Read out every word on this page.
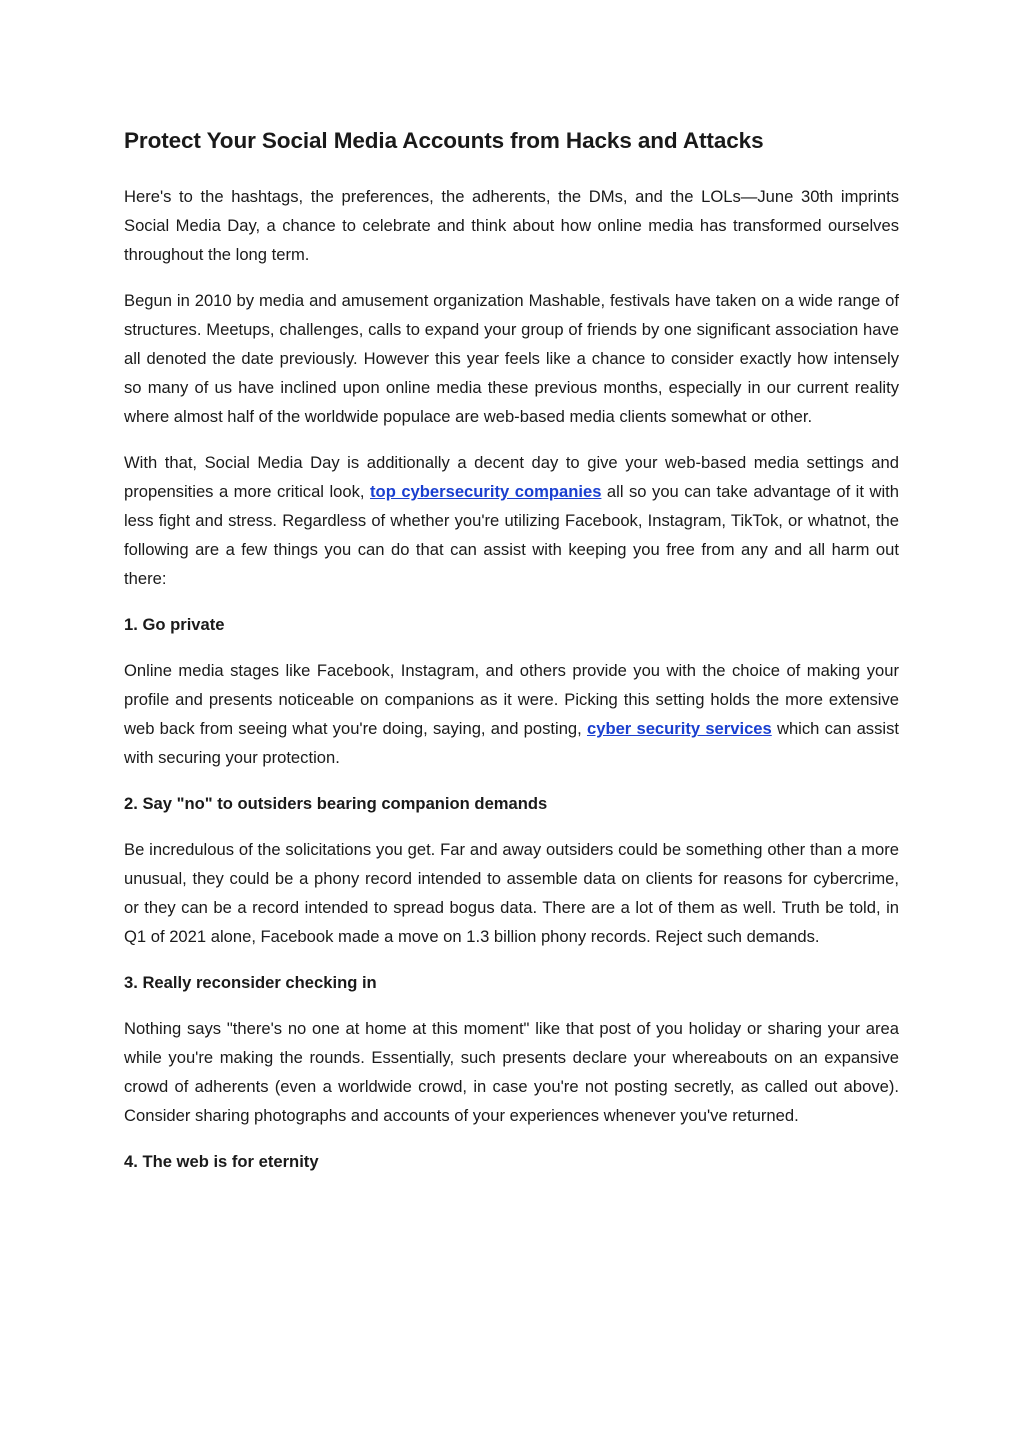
Protect Your Social Media Accounts from Hacks and Attacks

Here's to the hashtags, the preferences, the adherents, the DMs, and the LOLs—June 30th imprints Social Media Day, a chance to celebrate and think about how online media has transformed ourselves throughout the long term.

Begun in 2010 by media and amusement organization Mashable, festivals have taken on a wide range of structures. Meetups, challenges, calls to expand your group of friends by one significant association have all denoted the date previously. However this year feels like a chance to consider exactly how intensely so many of us have inclined upon online media these previous months, especially in our current reality where almost half of the worldwide populace are web-based media clients somewhat or other.

With that, Social Media Day is additionally a decent day to give your web-based media settings and propensities a more critical look, top cybersecurity companies all so you can take advantage of it with less fight and stress. Regardless of whether you're utilizing Facebook, Instagram, TikTok, or whatnot, the following are a few things you can do that can assist with keeping you free from any and all harm out there:

1. Go private

Online media stages like Facebook, Instagram, and others provide you with the choice of making your profile and presents noticeable on companions as it were. Picking this setting holds the more extensive web back from seeing what you're doing, saying, and posting, cyber security services which can assist with securing your protection.

2. Say "no" to outsiders bearing companion demands

Be incredulous of the solicitations you get. Far and away outsiders could be something other than a more unusual, they could be a phony record intended to assemble data on clients for reasons for cybercrime, or they can be a record intended to spread bogus data. There are a lot of them as well. Truth be told, in Q1 of 2021 alone, Facebook made a move on 1.3 billion phony records. Reject such demands.

3. Really reconsider checking in

Nothing says "there's no one at home at this moment" like that post of you holiday or sharing your area while you're making the rounds. Essentially, such presents declare your whereabouts on an expansive crowd of adherents (even a worldwide crowd, in case you're not posting secretly, as called out above). Consider sharing photographs and accounts of your experiences whenever you've returned.

4. The web is for eternity
